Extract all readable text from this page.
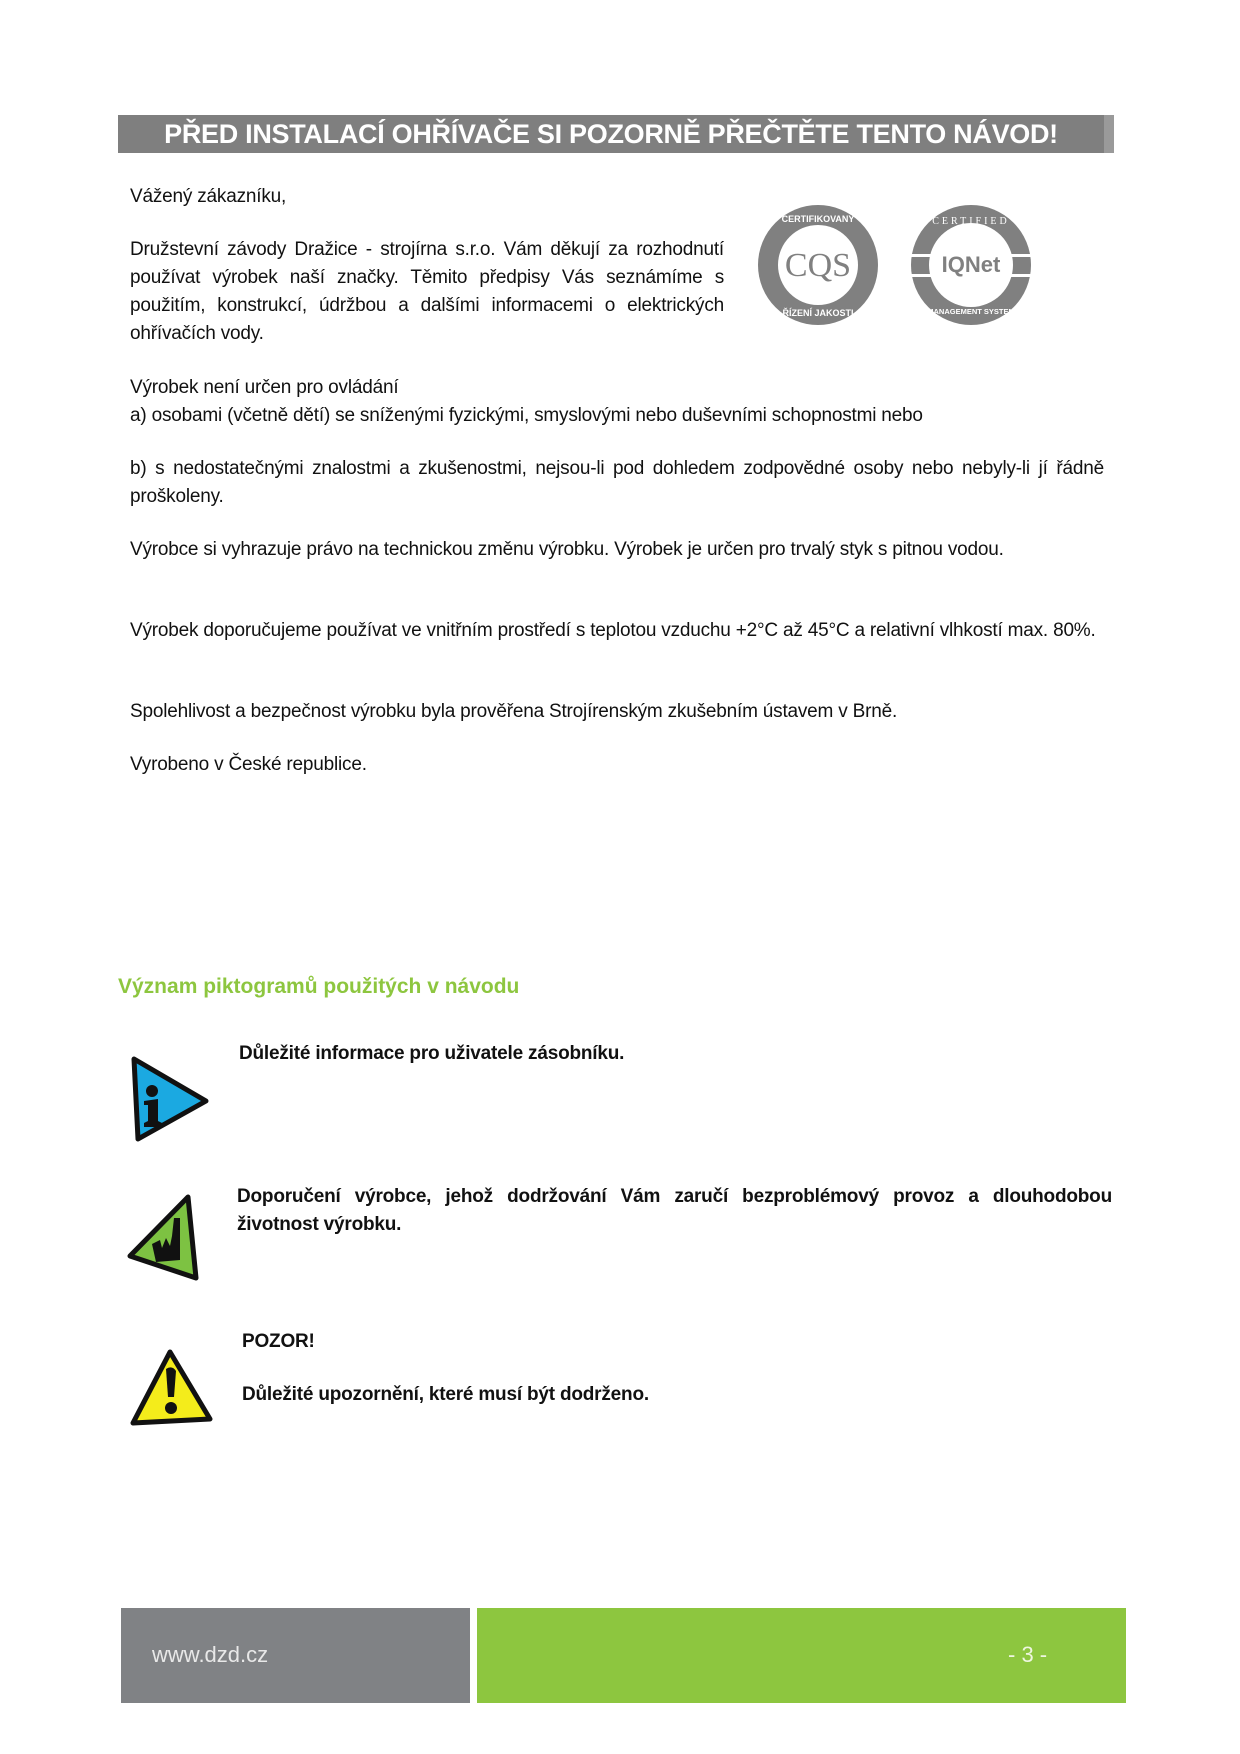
PŘED INSTALACÍ OHŘÍVAČE SI POZORNĚ PŘEČTĚTE TENTO NÁVOD!
Vážený zákazníku,
Družstevní závody Dražice - strojírna s.r.o. Vám děkují za rozhodnutí používat výrobek naší značky. Těmito předpisy Vás seznámíme s použitím, konstrukcí, údržbou a dalšími informacemi o elektrických ohřívačích vody.
CQS
CERTIFIKOVANÝ
ŘÍZENÍ JAKOSTI
IQNet
CERTIFIED
MANAGEMENT SYSTEM
Výrobek není určen pro ovládání
a) osobami (včetně dětí) se sníženými fyzickými, smyslovými nebo duševními schopnostmi nebo
b) s nedostatečnými znalostmi a zkušenostmi, nejsou-li pod dohledem zodpovědné osoby nebo nebyly-li jí řádně proškoleny.
Výrobce si vyhrazuje právo na technickou změnu výrobku. Výrobek je určen pro trvalý styk s pitnou vodou.
Výrobek doporučujeme používat ve vnitřním prostředí s teplotou vzduchu +2°C až 45°C a relativní vlhkostí max. 80%.
Spolehlivost a bezpečnost výrobku byla prověřena Strojírenským zkušebním ústavem v Brně.
Vyrobeno v České republice.
Význam piktogramů použitých v návodu
Důležité informace pro uživatele zásobníku.
Doporučení výrobce, jehož dodržování Vám zaručí bezproblémový provoz a dlouhodobou životnost výrobku.
POZOR!
Důležité upozornění, které musí být dodrženo.
www.dzd.cz	- 3 -
